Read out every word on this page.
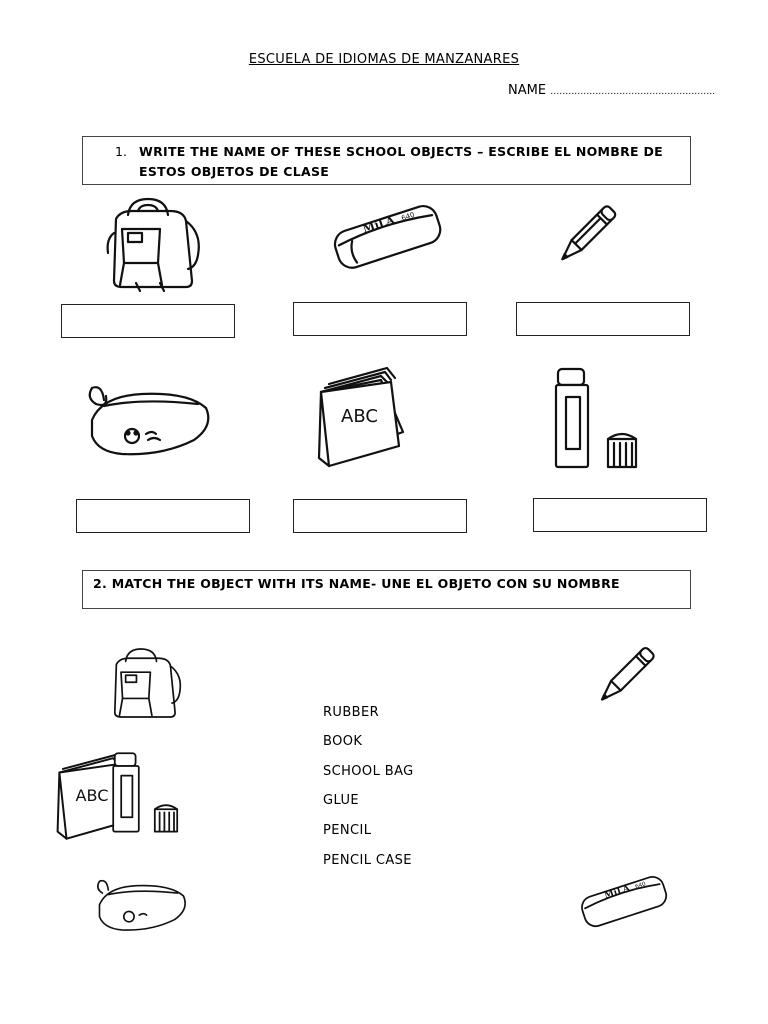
ESCUELA DE IDIOMAS DE MANZANARES
NAME ……………………………………………….
1. WRITE THE NAME OF THESE SCHOOL OBJECTS – ESCRIBE EL NOMBRE DE ESTOS OBJETOS DE CLASE
MiLA 640
ABC
2. MATCH THE OBJECT WITH ITS NAME- UNE EL OBJETO CON SU NOMBRE
ABC
RUBBER
BOOK
SCHOOL BAG
GLUE
PENCIL
PENCIL CASE
MiLA 640
